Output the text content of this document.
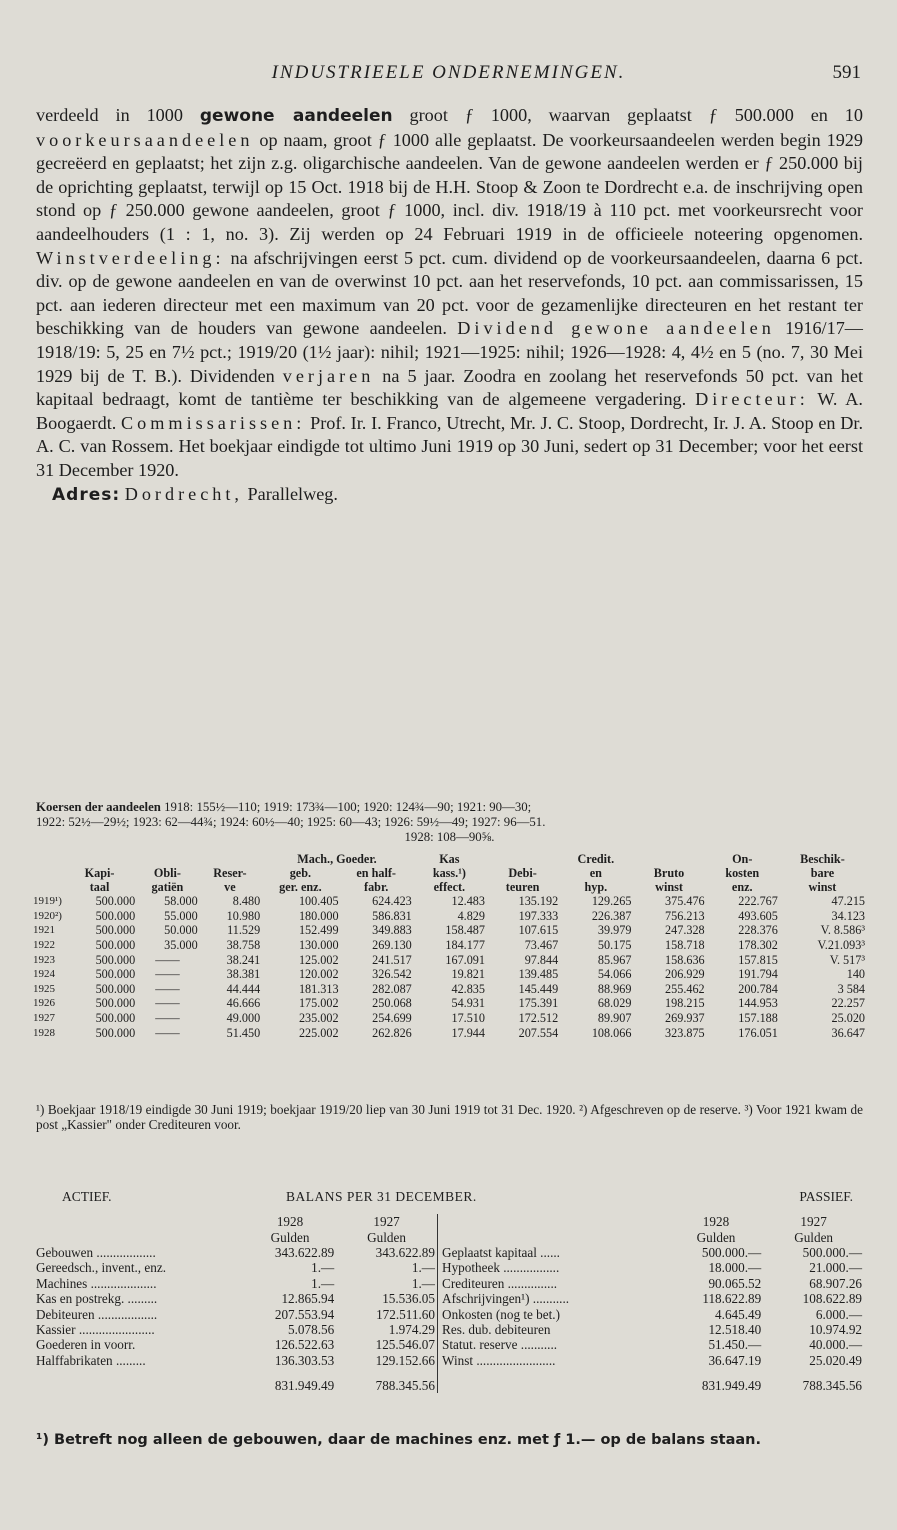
INDUSTRIEELE ONDERNEMINGEN.	591
verdeeld in 1000 gewone aandeelen groot ƒ 1000, waarvan geplaatst ƒ 500.000 en 10 voorkeursaandeelen op naam, groot ƒ 1000 alle geplaatst. De voorkeursaandeelen werden begin 1929 gecreëerd en geplaatst; het zijn z.g. oligarchische aandeelen. Van de gewone aandeelen werden er ƒ 250.000 bij de oprichting geplaatst, terwijl op 15 Oct. 1918 bij de H.H. Stoop & Zoon te Dordrecht e.a. de inschrijving open stond op ƒ 250.000 gewone aandeelen, groot ƒ 1000, incl. div. 1918/19 à 110 pct. met voorkeursrecht voor aandeelhouders (1 : 1, no. 3). Zij werden op 24 Februari 1919 in de officieele noteering opgenomen. Winstverdeeling: na afschrijvingen eerst 5 pct. cum. dividend op de voorkeursaandeelen, daarna 6 pct. div. op de gewone aandeelen en van de overwinst 10 pct. aan het reservefonds, 10 pct. aan commissarissen, 15 pct. aan iederen directeur met een maximum van 20 pct. voor de gezamenlijke directeuren en het restant ter beschikking van de houders van gewone aandeelen. Dividend gewone aandeelen 1916/17—1918/19: 5, 25 en 7½ pct.; 1919/20 (1½ jaar): nihil; 1921—1925: nihil; 1926—1928: 4, 4½ en 5 (no. 7, 30 Mei 1929 bij de T. B.). Dividenden verjaren na 5 jaar. Zoodra en zoolang het reservefonds 50 pct. van het kapitaal bedraagt, komt de tantième ter beschikking van de algemeene vergadering. Directeur: W. A. Boogaerdt. Commissarissen: Prof. Ir. I. Franco, Utrecht, Mr. J. C. Stoop, Dordrecht, Ir. J. A. Stoop en Dr. A. C. van Rossem. Het boekjaar eindigde tot ultimo Juni 1919 op 30 Juni, sedert op 31 December; voor het eerst 31 December 1920.
Adres: Dordrecht, Parallelweg.
Koersen der aandeelen 1918: 155½—110; 1919: 173¾—100; 1920: 124¾—90; 1921: 90—30;
1922: 52½—29½; 1923: 62—44¾; 1924: 60½—40; 1925: 60—43; 1926: 59½—49; 1927: 96—51.
1928: 108—90⅝.
				Mach., Goeder.		Kas		Credit.		On-	Beschik-
	Kapi-	Obli-	Reser-	geb.	en half-	kass.¹)	Debi-	en	Bruto	kosten	bare
	taal	gatiën	ve	ger. enz.	fabr.	effect.	teuren	hyp.	winst	enz.	winst
1919¹)	500.000	58.000	8.480	100.405	624.423	12.483	135.192	129.265	375.476	222.767	47.215
1920²)	500.000	55.000	10.980	180.000	586.831	4.829	197.333	226.387	756.213	493.605	34.123
1921	500.000	50.000	11.529	152.499	349.883	158.487	107.615	39.979	247.328	228.376	V. 8.586³
1922	500.000	35.000	38.758	130.000	269.130	184.177	73.467	50.175	158.718	178.302	V.21.093³
1923	500.000	——	38.241	125.002	241.517	167.091	97.844	85.967	158.636	157.815	V. 517³
1924	500.000	——	38.381	120.002	326.542	19.821	139.485	54.066	206.929	191.794	140
1925	500.000	——	44.444	181.313	282.087	42.835	145.449	88.969	255.462	200.784	3 584
1926	500.000	——	46.666	175.002	250.068	54.931	175.391	68.029	198.215	144.953	22.257
1927	500.000	——	49.000	235.002	254.699	17.510	172.512	89.907	269.937	157.188	25.020
1928	500.000	——	51.450	225.002	262.826	17.944	207.554	108.066	323.875	176.051	36.647
¹) Boekjaar 1918/19 eindigde 30 Juni 1919; boekjaar 1919/20 liep van 30 Juni 1919 tot 31 Dec. 1920. ²) Afgeschreven op de reserve. ³) Voor 1921 kwam de post „Kassier" onder Crediteuren voor.
ACTIEF.	BALANS PER 31 DECEMBER.	PASSIEF.
	1928	1927			1928	1927
	Gulden	Gulden			Gulden	Gulden
Gebouwen ..................	343.622.89	343.622.89		Geplaatst kapitaal ......	500.000.—	500.000.—
Gereedsch., invent., enz.	1.—	1.—		Hypotheek .................	18.000.—	21.000.—
Machines ....................	1.—	1.—		Crediteuren ...............	90.065.52	68.907.26
Kas en postrekg. .........	12.865.94	15.536.05		Afschrijvingen¹) ...........	118.622.89	108.622.89
Debiteuren ..................	207.553.94	172.511.60		Onkosten (nog te bet.)	4.645.49	6.000.—
Kassier .......................	5.078.56	1.974.29		Res. dub. debiteuren	12.518.40	10.974.92
Goederen in voorr.	126.522.63	125.546.07		Statut. reserve ...........	51.450.—	40.000.—
Halffabrikaten .........	136.303.53	129.152.66		Winst ........................	36.647.19	25.020.49
	831.949.49	788.345.56			831.949.49	788.345.56
¹) Betreft nog alleen de gebouwen, daar de machines enz. met ƒ 1.— op de balans staan.
